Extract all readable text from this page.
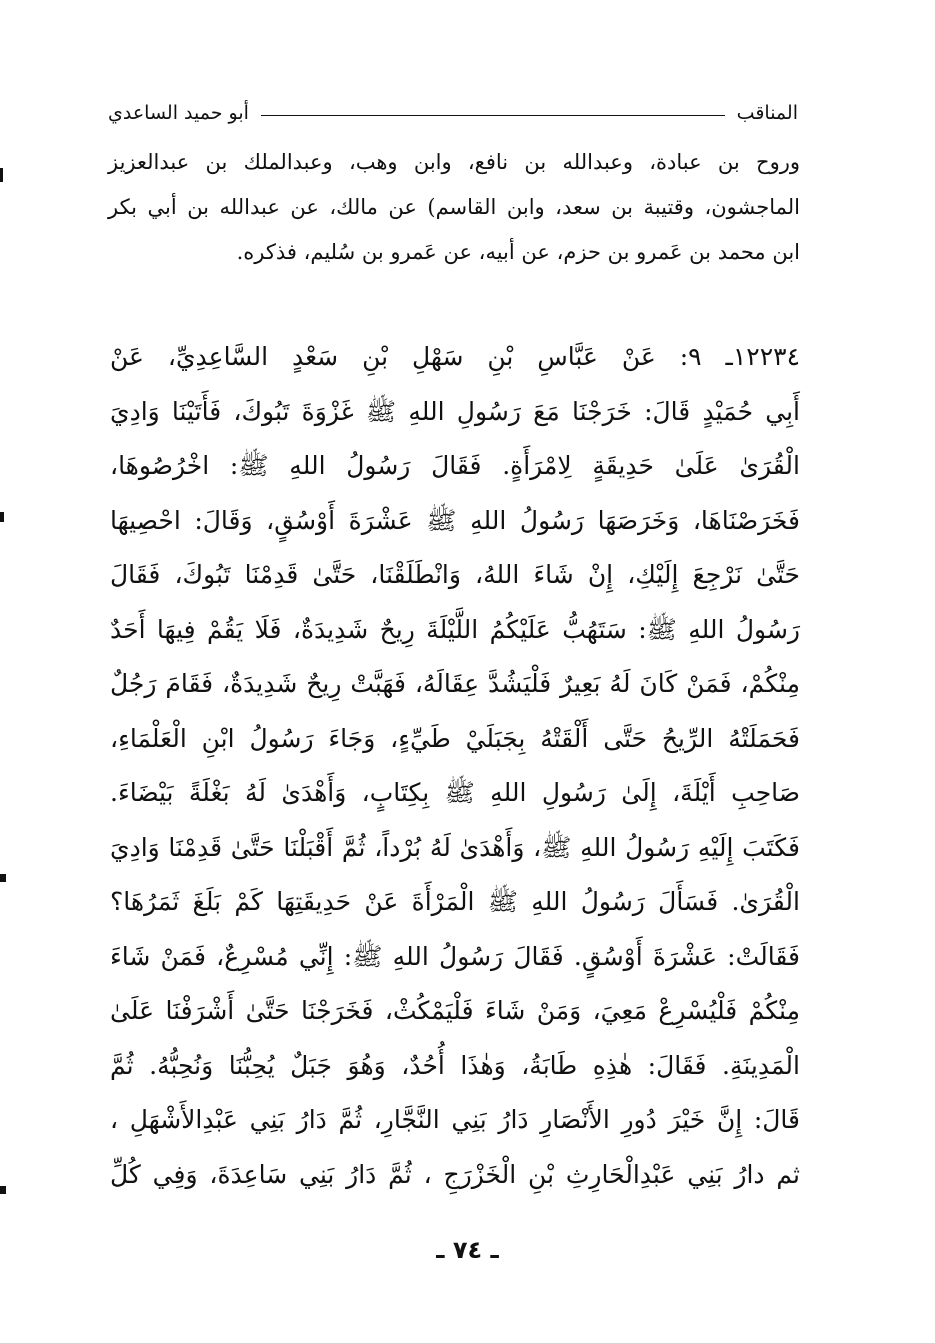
المناقب
أبو حميد الساعدي
وروح بن عبادة، وعبدالله بن نافع، وابن وهب، وعبدالملك بن عبدالعزيز
الماجشون، وقتيبة بن سعد، وابن القاسم) عن مالك، عن عبدالله بن أبي بكر
ابن محمد بن عَمرو بن حزم، عن أبيه، عن عَمرو بن سُليم، فذكره.
١٢٢٣٤ـ ٩: عَنْ عَبَّاسِ بْنِ سَهْلِ بْنِ سَعْدٍ السَّاعِدِيِّ، عَنْ
أَبِي حُمَيْدٍ قَالَ: خَرَجْنَا مَعَ رَسُولِ اللهِ ﷺ غَزْوَةَ تَبُوكَ، فَأَتَيْنَا وَادِيَ
الْقُرَىٰ عَلَىٰ حَدِيقَةٍ لِامْرَأَةٍ. فَقَالَ رَسُولُ اللهِ ﷺ: اخْرُصُوهَا،
فَخَرَصْنَاهَا، وَخَرَصَهَا رَسُولُ اللهِ ﷺ عَشْرَةَ أَوْسُقٍ، وَقَالَ: احْصِيهَا
حَتَّىٰ نَرْجِعَ إِلَيْكِ، إِنْ شَاءَ اللهُ، وَانْطَلَقْنَا، حَتَّىٰ قَدِمْنَا تَبُوكَ، فَقَالَ
رَسُولُ اللهِ ﷺ: سَتَهُبُّ عَلَيْكُمُ اللَّيْلَةَ رِيحٌ شَدِيدَةٌ، فَلَا يَقُمْ فِيهَا أَحَدٌ
مِنْكُمْ، فَمَنْ كَانَ لَهُ بَعِيرٌ فَلْيَشُدَّ عِقَالَهُ، فَهَبَّتْ رِيحٌ شَدِيدَةٌ، فَقَامَ رَجُلٌ
فَحَمَلَتْهُ الرِّيحُ حَتَّى أَلْقَتْهُ بِجَبَلَيْ طَيِّءٍ، وَجَاءَ رَسُولُ ابْنِ الْعَلْمَاءِ،
صَاحِبِ أَيْلَةَ، إِلَىٰ رَسُولِ اللهِ ﷺ بِكِتَابٍ، وَأَهْدَىٰ لَهُ بَغْلَةً بَيْضَاءَ.
فَكَتَبَ إِلَيْهِ رَسُولُ اللهِ ﷺ، وَأَهْدَىٰ لَهُ بُرْداً، ثُمَّ أَقْبَلْنَا حَتَّىٰ قَدِمْنَا وَادِيَ
الْقُرَىٰ. فَسَأَلَ رَسُولُ اللهِ ﷺ الْمَرْأَةَ عَنْ حَدِيقَتِهَا كَمْ بَلَغَ ثَمَرُهَا؟
فَقَالَتْ: عَشْرَةَ أَوْسُقٍ. فَقَالَ رَسُولُ اللهِ ﷺ: إِنِّي مُسْرِعٌ، فَمَنْ شَاءَ
مِنْكُمْ فَلْيُسْرِعْ مَعِيَ، وَمَنْ شَاءَ فَلْيَمْكُثْ، فَخَرَجْنَا حَتَّىٰ أَشْرَفْنَا عَلَىٰ
الْمَدِينَةِ. فَقَالَ: هٰذِهِ طَابَةُ، وَهٰذَا أُحُدٌ، وَهُوَ جَبَلٌ يُحِبُّنَا وَنُحِبُّهُ. ثُمَّ
قَالَ: إِنَّ خَيْرَ دُورِ الأَنْصَارِ دَارُ بَنِي النَّجَّارِ، ثُمَّ دَارُ بَنِي عَبْدِالأَشْهَلِ ،
ثم دارُ بَنِي عَبْدِالْحَارِثِ بْنِ الْخَزْرَجِ ، ثُمَّ دَارُ بَنِي سَاعِدَةَ، وَفِي كُلِّ
ـ ٧٤ ـ
